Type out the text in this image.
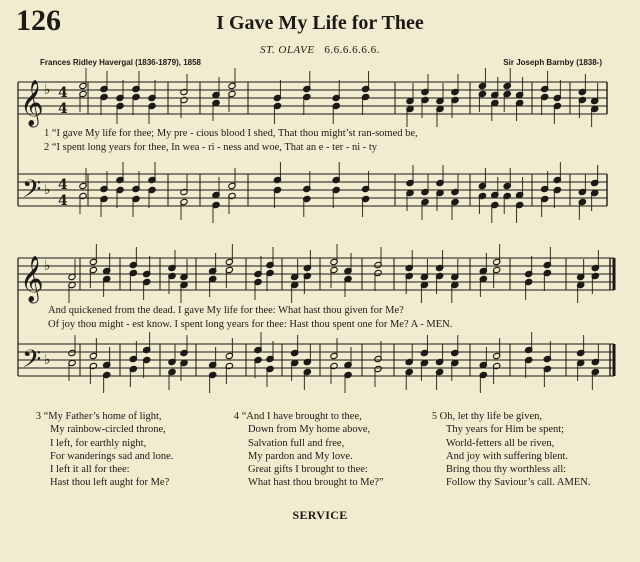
126	I Gave My Life for Thee
ST. OLAVE 6.6.6.6.6.6.
Frances Ridley Havergal (1836-1879), 1858	Sir Joseph Barnby (1838-)
𝄞
𝄢
♭
♭
4
4
4
4
𝄞
𝄢
♭
♭
1 “I gave My life for thee; My pre - cious blood I shed, That thou might’st ran-somed be,
2 “I spent long years for thee, In wea - ri - ness and woe, That an e - ter - ni - ty
And quickened from the dead. I gave My life for thee: What hast thou given for Me?
Of joy thou might - est know. I spent long years for thee: Hast thou spent one for Me? A - MEN.
3 “My Father’s home of light,
My rainbow-circled throne,
I left, for earthly night,
For wanderings sad and lone.
I left it all for thee:
Hast thou left aught for Me?
4 “And I have brought to thee,
Down from My home above,
Salvation full and free,
My pardon and My love.
Great gifts I brought to thee:
What hast thou brought to Me?”
5 Oh, let thy life be given,
Thy years for Him be spent;
World-fetters all be riven,
And joy with suffering blent.
Bring thou thy worthless all:
Follow thy Saviour’s call. AMEN.
SERVICE
